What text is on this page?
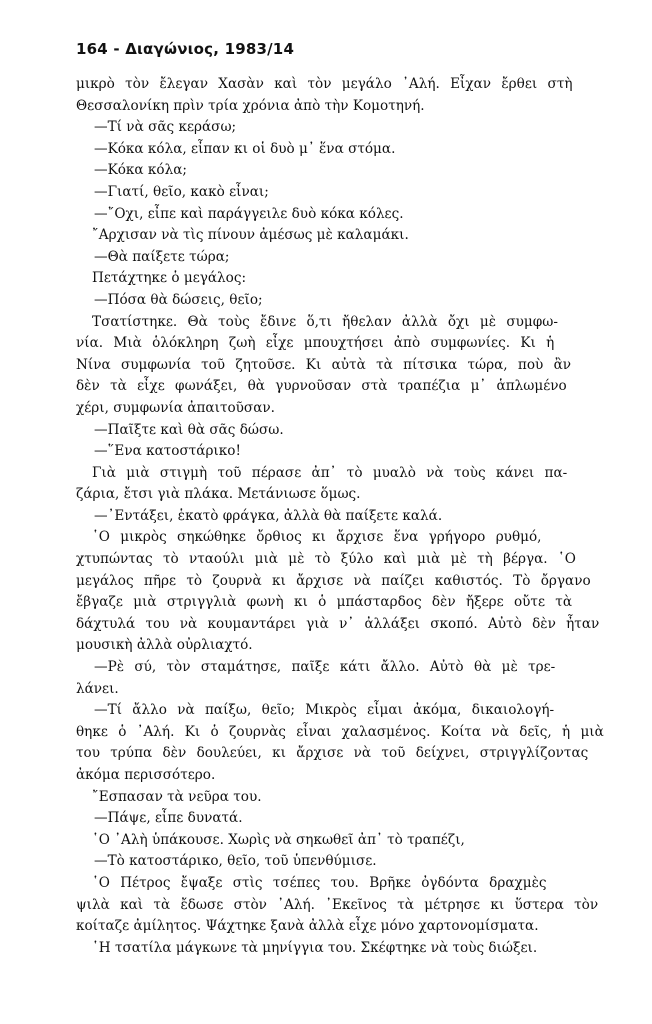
164 - Διαγώνιος, 1983/14
μικρὸ τὸν ἔλεγαν Χασὰν καὶ τὸν μεγάλο ᾿Αλή. Εἶχαν ἔρθει στὴ
Θεσσαλονίκη πρὶν τρία χρόνια ἀπὸ τὴν Κομοτηνή.
—Τί νὰ σᾶς κεράσω;
—Κόκα κόλα, εἶπαν κι οἱ δυὸ μ᾿ ἕνα στόμα.
—Κόκα κόλα;
—Γιατί, θεῖο, κακὸ εἶναι;
—῎Οχι, εἶπε καὶ παράγγειλε δυὸ κόκα κόλες.
῎Αρχισαν νὰ τὶς πίνουν ἀμέσως μὲ καλαμάκι.
—Θὰ παίξετε τώρα;
Πετάχτηκε ὁ μεγάλος:
—Πόσα θὰ δώσεις, θεῖο;
Τσατίστηκε. Θὰ τοὺς ἔδινε ὅ,τι ἤθελαν ἀλλὰ ὄχι μὲ συμφω-
νία. Μιὰ ὁλόκληρη ζωὴ εἶχε μπουχτήσει ἀπὸ συμφωνίες. Κι ἡ
Νίνα συμφωνία τοῦ ζητοῦσε. Κι αὐτὰ τὰ πίτσικα τώρα, ποὺ ἂν
δὲν τὰ εἶχε φωνάξει, θὰ γυρνοῦσαν στὰ τραπέζια μ᾿ ἁπλωμένο
χέρι, συμφωνία ἀπαιτοῦσαν.
—Παῖξτε καὶ θὰ σᾶς δώσω.
—῞Ενα κατοστάρικο!
Γιὰ μιὰ στιγμὴ τοῦ πέρασε ἀπ᾿ τὸ μυαλὸ νὰ τοὺς κάνει πα-
ζάρια, ἔτσι γιὰ πλάκα. Μετάνιωσε ὅμως.
—᾿Εντάξει, ἑκατὸ φράγκα, ἀλλὰ θὰ παίξετε καλά.
῾Ο μικρὸς σηκώθηκε ὄρθιος κι ἄρχισε ἕνα γρήγορο ρυθμό,
χτυπώντας τὸ νταούλι μιὰ μὲ τὸ ξύλο καὶ μιὰ μὲ τὴ βέργα. ῾Ο
μεγάλος πῆρε τὸ ζουρνὰ κι ἄρχισε νὰ παίζει καθιστός. Τὸ ὄργανο
ἔβγαζε μιὰ στριγγλιὰ φωνὴ κι ὁ μπάσταρδος δὲν ἤξερε οὔτε τὰ
δάχτυλά του νὰ κουμαντάρει γιὰ ν᾿ ἀλλάξει σκοπό. Αὐτὸ δὲν ἦταν
μουσικὴ ἀλλὰ οὐρλιαχτό.
—Ρὲ σύ, τὸν σταμάτησε, παῖξε κάτι ἄλλο. Αὐτὸ θὰ μὲ τρε-
λάνει.
—Τί ἄλλο νὰ παίξω, θεῖο; Μικρὸς εἶμαι ἀκόμα, δικαιολογή-
θηκε ὁ ᾿Αλή. Κι ὁ ζουρνὰς εἶναι χαλασμένος. Κοίτα νὰ δεῖς, ἡ μιὰ
του τρύπα δὲν δουλεύει, κι ἄρχισε νὰ τοῦ δείχνει, στριγγλίζοντας
ἀκόμα περισσότερο.
῎Εσπασαν τὰ νεῦρα του.
—Πάψε, εἶπε δυνατά.
῾Ο ᾿Αλὴ ὑπάκουσε. Χωρὶς νὰ σηκωθεῖ ἀπ᾿ τὸ τραπέζι,
—Τὸ κατοστάρικο, θεῖο, τοῦ ὑπενθύμισε.
῾Ο Πέτρος ἔψαξε στὶς τσέπες του. Βρῆκε ὀγδόντα δραχμὲς
ψιλὰ καὶ τὰ ἔδωσε στὸν ᾿Αλή. ᾿Εκεῖνος τὰ μέτρησε κι ὕστερα τὸν
κοίταζε ἀμίλητος. Ψάχτηκε ξανὰ ἀλλὰ εἶχε μόνο χαρτονομίσματα.
῾Η τσατίλα μάγκωνε τὰ μηνίγγια του. Σκέφτηκε νὰ τοὺς διώξει.
